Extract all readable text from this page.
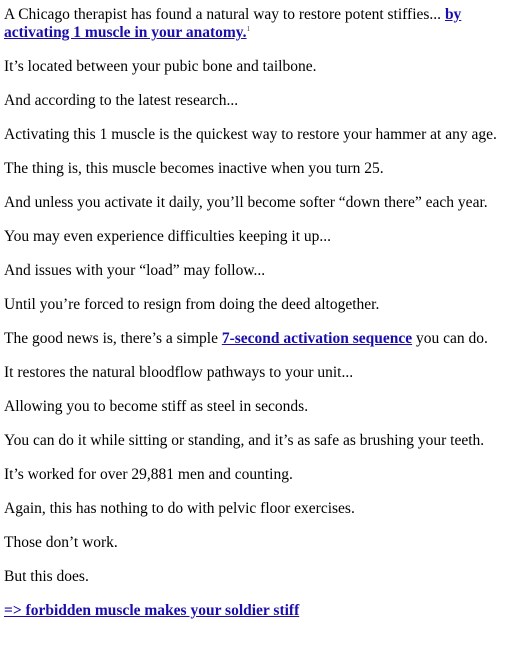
A Chicago therapist has found a natural way to restore potent stiffies... by activating 1 muscle in your anatomy.$^1$

It’s located between your pubic bone and tailbone.

And according to the latest research...

Activating this 1 muscle is the quickest way to restore your hammer at any age.

The thing is, this muscle becomes inactive when you turn 25.

And unless you activate it daily, you’ll become softer “down there” each year.

You may even experience difficulties keeping it up...

And issues with your “load” may follow...

Until you’re forced to resign from doing the deed altogether.

The good news is, there’s a simple 7-second activation sequence you can do.

It restores the natural bloodflow pathways to your unit...

Allowing you to become stiff as steel in seconds.

You can do it while sitting or standing, and it’s as safe as brushing your teeth.

It’s worked for over 29,881 men and counting.

Again, this has nothing to do with pelvic floor exercises.

Those don’t work.

But this does.

=> forbidden muscle makes your soldier stiff
